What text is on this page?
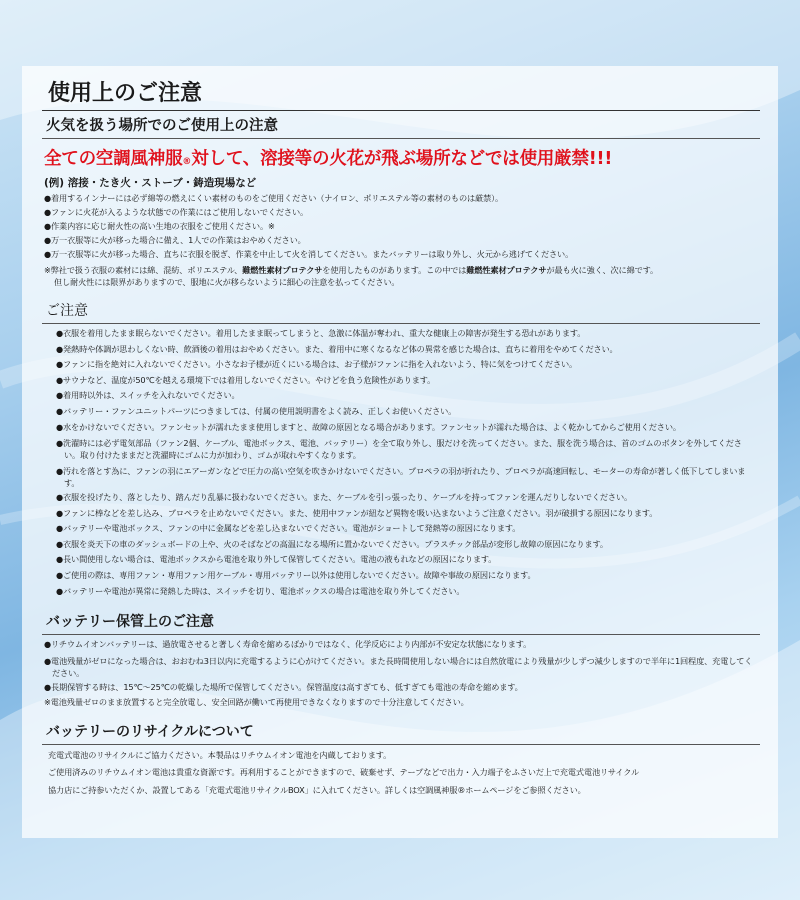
使用上のご注意
火気を扱う場所でのご使用上の注意
全ての空調風神服®対して、溶接等の火花が飛ぶ場所などでは使用厳禁!!!
(例) 溶接・たき火・ストーブ・鋳造現場など
●着用するインナーには必ず綿等の燃えにくい素材のものをご使用ください（ナイロン、ポリエステル等の素材のものは厳禁）。
●ファンに火花が入るような状態での作業にはご使用しないでください。
●作業内容に応じ耐火性の高い生地の衣服をご使用ください。※
●万一衣服等に火が移った場合に備え、1人での作業はおやめください。
●万一衣服等に火が移った場合、直ちに衣服を脱ぎ、作業を中止して火を消してください。またバッテリーは取り外し、火元から逃げてください。
※弊社で扱う衣服の素材には綿、混紡、ポリエステル、難燃性素材プロテクサを使用したものがあります。この中では難燃性素材プロテクサが最も火に強く、次に綿です。
但し耐火性には限界がありますので、服地に火が移らないように細心の注意を払ってください。
ご注意
● 衣服を着用したまま眠らないでください。着用したまま眠ってしまうと、急激に体温が奪われ、重大な健康上の障害が発生する恐れがあります。
● 発熱時や体調が思わしくない時、飲酒後の着用はおやめください。また、着用中に寒くなるなど体の異常を感じた場合は、直ちに着用をやめてください。
● ファンに指を絶対に入れないでください。小さなお子様が近くにいる場合は、お子様がファンに指を入れないよう、特に気をつけてください。
● サウナなど、温度が50℃を越える環境下では着用しないでください。やけどを負う危険性があります。
● 着用時以外は、スイッチを入れないでください。
● バッテリー・ファンユニットパーツにつきましては、付属の使用説明書をよく読み、正しくお使いください。
● 水をかけないでください。ファンセットが濡れたまま使用しますと、故障の原因となる場合があります。ファンセットが濡れた場合は、よく乾かしてからご使用ください。
● 洗濯時には必ず電気部品（ファン2個、ケーブル、電池ボックス、電池、バッテリー）を全て取り外し、服だけを洗ってください。また、服を洗う場合は、首のゴムのボタンを外してください。取り付けたままだと洗濯時にゴムに力が加わり、ゴムが取れやすくなります。
● 汚れを落とす為に、ファンの羽にエアーガンなどで圧力の高い空気を吹きかけないでください。プロペラの羽が折れたり、プロペラが高速回転し、モーターの寿命が著しく低下してしまいます。
● 衣服を投げたり、落としたり、踏んだり乱暴に扱わないでください。また、ケーブルを引っ張ったり、ケーブルを持ってファンを運んだりしないでください。
● ファンに棒などを差し込み、プロペラを止めないでください。また、使用中ファンが紐など異物を吸い込まないようご注意ください。羽が破損する原因になります。
● バッテリーや電池ボックス、ファンの中に金属などを差し込まないでください。電池がショートして発熱等の原因になります。
● 衣服を炎天下の車のダッシュボードの上や、火のそばなどの高温になる場所に置かないでください。プラスチック部品が変形し故障の原因になります。
● 長い間使用しない場合は、電池ボックスから電池を取り外して保管してください。電池の液もれなどの原因になります。
● ご使用の際は、専用ファン・専用ファン用ケーブル・専用バッテリー以外は使用しないでください。故障や事故の原因になります。
● バッテリーや電池が異常に発熱した時は、スイッチを切り、電池ボックスの場合は電池を取り外してください。
バッテリー保管上のご注意
● リチウムイオンバッテリーは、過放電させると著しく寿命を縮めるばかりではなく、化学反応により内部が不安定な状態になります。
● 電池残量がゼロになった場合は、おおむね3日以内に充電するように心がけてください。また長時間使用しない場合には自然放電により残量が少しずつ減少しますので半年に1回程度、充電してください。
● 長期保管する時は、15℃〜25℃の乾燥した場所で保管してください。保管温度は高すぎても、低すぎても電池の寿命を縮めます。
※電池残量ゼロのまま放置すると完全放電し、安全回路が働いて再使用できなくなりますので十分注意してください。
バッテリーのリサイクルについて
充電式電池のリサイクルにご協力ください。本製品はリチウムイオン電池を内蔵しております。
ご使用済みのリチウムイオン電池は貴重な資源です。再利用することができますので、破棄せず、テープなどで出力・入力端子をふさいだ上で充電式電池リサイクル
協力店にご持参いただくか、設置してある「充電式電池リサイクルBOX」に入れてください。詳しくは空調風神服®ホームページをご参照ください。
